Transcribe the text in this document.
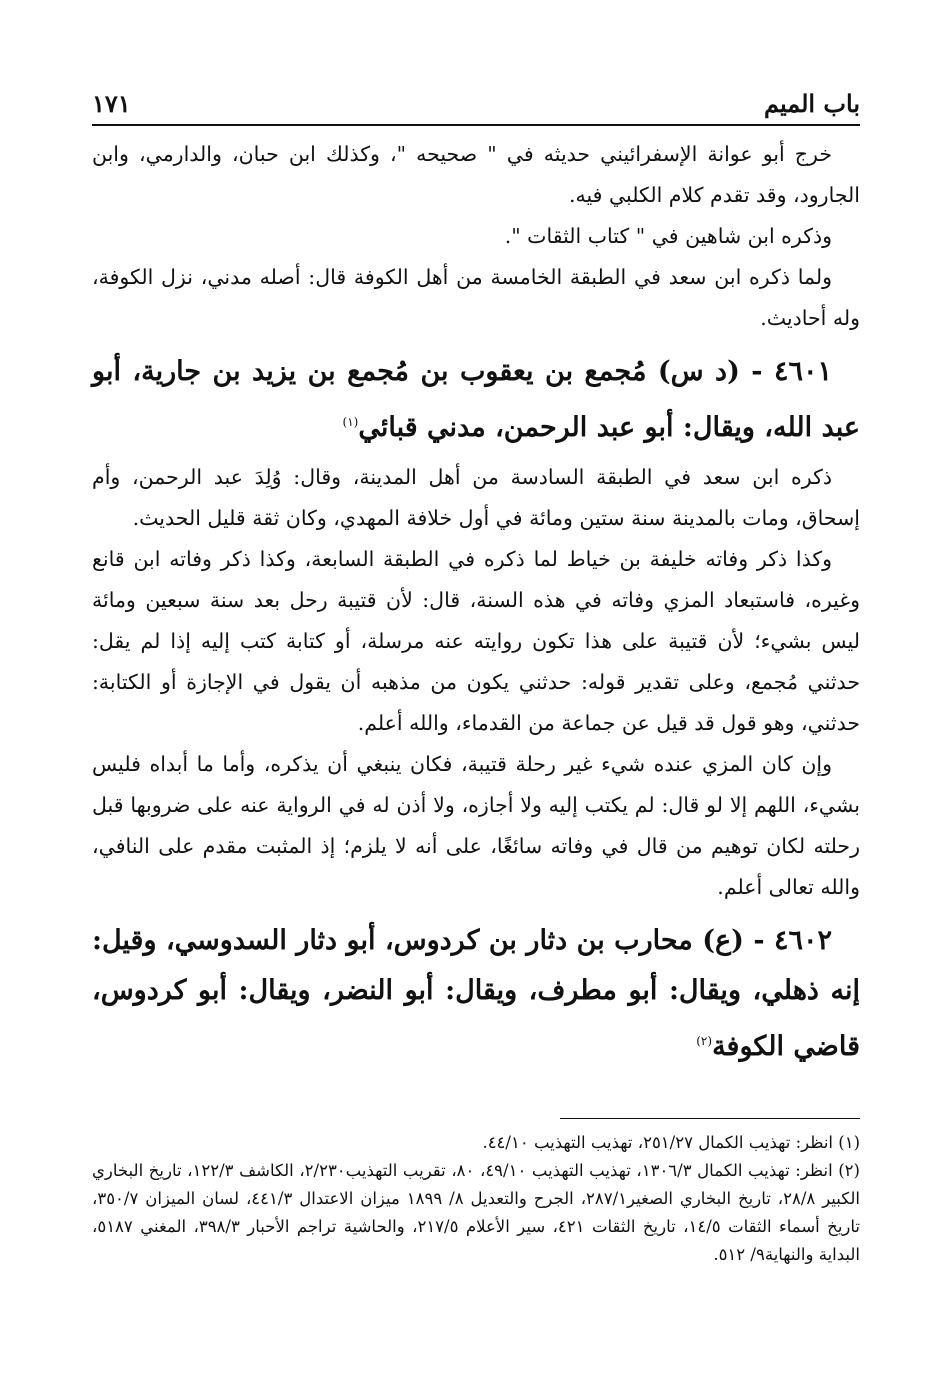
باب الميم
١٧١

خرج أبو عوانة الإسفرائيني حديثه في " صحيحه "، وكذلك ابن حبان، والدارمي، وابن الجارود، وقد تقدم كلام الكلبي فيه.

وذكره ابن شاهين في " كتاب الثقات ".

ولما ذكره ابن سعد في الطبقة الخامسة من أهل الكوفة قال: أصله مدني، نزل الكوفة، وله أحاديث.

٤٦٠١ - (د س) مُجمع بن يعقوب بن مُجمع بن يزيد بن جارية، أبو عبد الله، ويقال: أبو عبد الرحمن، مدني قبائي$^{(١)}$

ذكره ابن سعد في الطبقة السادسة من أهل المدينة، وقال: وُلِدَ عبد الرحمن، وأم إسحاق، ومات بالمدينة سنة ستين ومائة في أول خلافة المهدي، وكان ثقة قليل الحديث.

وكذا ذكر وفاته خليفة بن خياط لما ذكره في الطبقة السابعة، وكذا ذكر وفاته ابن قانع وغيره، فاستبعاد المزي وفاته في هذه السنة، قال: لأن قتيبة رحل بعد سنة سبعين ومائة ليس بشيء؛ لأن قتيبة على هذا تكون روايته عنه مرسلة، أو كتابة كتب إليه إذا لم يقل: حدثني مُجمع، وعلى تقدير قوله: حدثني يكون من مذهبه أن يقول في الإجازة أو الكتابة: حدثني، وهو قول قد قيل عن جماعة من القدماء، والله أعلم.

وإن كان المزي عنده شيء غير رحلة قتيبة، فكان ينبغي أن يذكره، وأما ما أبداه فليس بشيء، اللهم إلا لو قال: لم يكتب إليه ولا أجازه، ولا أذن له في الرواية عنه على ضروبها قبل رحلته لكان توهيم من قال في وفاته سائغًا، على أنه لا يلزم؛ إذ المثبت مقدم على النافي، والله تعالى أعلم.

٤٦٠٢ - (ع) محارب بن دثار بن كردوس، أبو دثار السدوسي، وقيل: إنه ذهلي، ويقال: أبو مطرف، ويقال: أبو النضر، ويقال: أبو كردوس، قاضي الكوفة$^{(٢)}$

(١) انظر: تهذيب الكمال ٢٥١/٢٧، تهذيب التهذيب ٤٤/١٠.

(٢) انظر: تهذيب الكمال ١٣٠٦/٣، تهذيب التهذيب ٤٩/١٠، ٨٠، تقريب التهذيب٢/٢٣٠، الكاشف ١٢٢/٣، تاريخ البخاري الكبير ٢٨/٨، تاريخ البخاري الصغير٢٨٧/١، الجرح والتعديل ٨/ ١٨٩٩ ميزان الاعتدال ٤٤١/٣، لسان الميزان ٣٥٠/٧، تاريخ أسماء الثقات ١٤/٥، تاريخ الثقات ٤٢١، سير الأعلام ٢١٧/٥، والحاشية تراجم الأحبار ٣٩٨/٣، المغني ٥١٨٧، البداية والنهاية٩/ ٥١٢.
